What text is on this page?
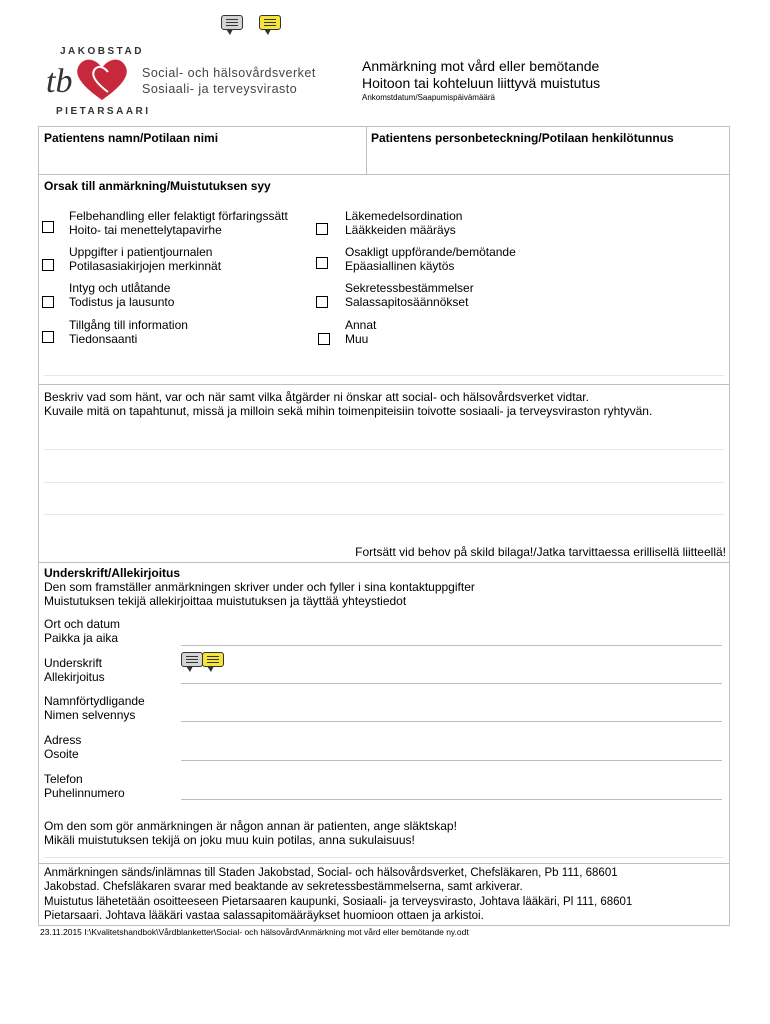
JAKOBSTAD
tb	Social- och hälsovårdsverket
Sosiaali- ja terveysvirasto
PIETARSAARI
Anmärkning mot vård eller bemötande
Hoitoon tai kohteluun liittyvä muistutus
Ankomstdatum/Saapumispäivämäärä
Patientens namn/Potilaan nimi	Patientens personbeteckning/Potilaan henkilötunnus
Orsak till anmärkning/Muistutuksen syy
Felbehandling eller felaktigt förfaringssätt
Hoito- tai menettelytapavirhe
Uppgifter i patientjournalen
Potilasasiakirjojen merkinnät
Intyg och utlåtande
Todistus ja lausunto
Tillgång till information
Tiedonsaanti
Läkemedelsordination
Lääkkeiden määräys
Osakligt uppförande/bemötande
Epäasiallinen käytös
Sekretessbestämmelser
Salassapitosäännökset
Annat
Muu
Beskriv vad som hänt, var och när samt vilka åtgärder ni önskar att social- och hälsovårdsverket vidtar.
Kuvaile mitä on tapahtunut, missä ja milloin sekä mihin toimenpiteisiin toivotte sosiaali- ja terveysviraston ryhtyvän.
Fortsätt vid behov på skild bilaga!/Jatka tarvittaessa erillisellä liitteellä!
Underskrift/Allekirjoitus
Den som framställer anmärkningen skriver under och fyller i sina kontaktuppgifter
Muistutuksen tekijä allekirjoittaa muistutuksen ja täyttää yhteystiedot
Ort och datum
Paikka ja aika
Underskrift
Allekirjoitus
Namnförtydligande
Nimen selvennys
Adress
Osoite
Telefon
Puhelinnumero
Om den som gör anmärkningen är någon annan är patienten, ange släktskap!
Mikäli muistutuksen tekijä on joku muu kuin potilas, anna sukulaisuus!
Anmärkningen sänds/inlämnas till Staden Jakobstad, Social- och hälsovårdsverket, Chefsläkaren, Pb 111, 68601
Jakobstad. Chefsläkaren svarar med beaktande av sekretessbestämmelserna, samt arkiverar.
Muistutus lähetetään osoitteeseen Pietarsaaren kaupunki, Sosiaali- ja terveysvirasto, Johtava lääkäri, Pl 111, 68601
Pietarsaari. Johtava lääkäri vastaa salassapitomääräykset huomioon ottaen ja arkistoi.
23.11.2015 I:\Kvalitetshandbok\Vårdblanketter\Social- och hälsovård\Anmärkning mot vård eller bemötande ny.odt
